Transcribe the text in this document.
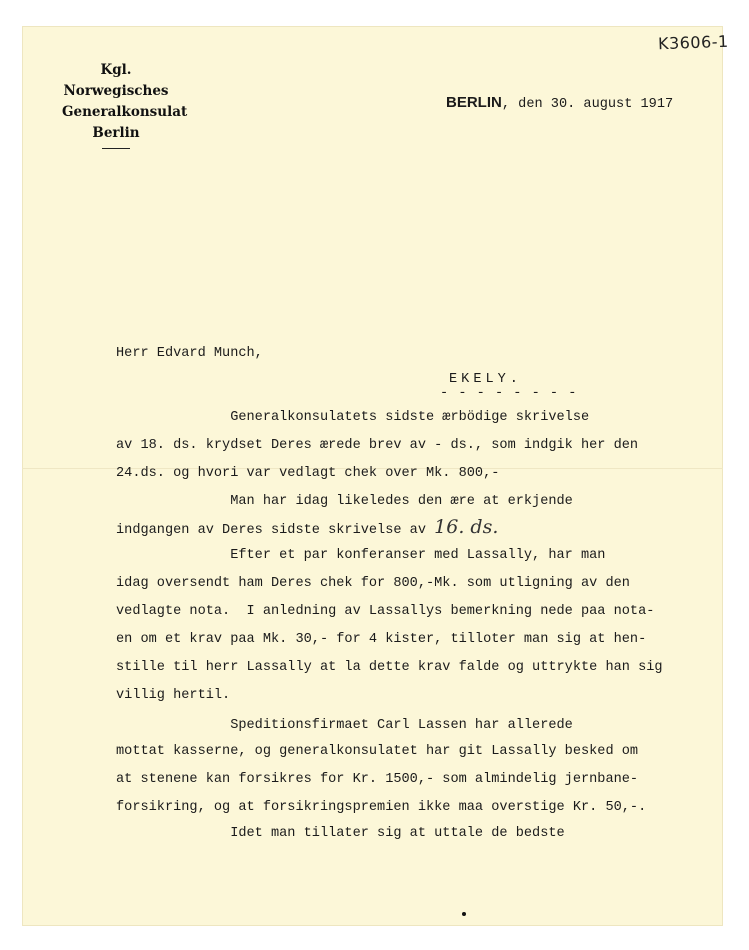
K3606-1
Kgl. Norwegisches
Generalkonsulat
Berlin
BERLIN, den 30. august 1917
Herr Edvard Munch,
EKELY.
- - - - - - - -
Generalkonsulatets sidste ærbödige skrivelse
av 18. ds. krydset Deres ærede brev av - ds., som indgik her den
24.ds. og hvori var vedlagt chek over Mk. 800,-
Man har idag likeledes den ære at erkjende
indgangen av Deres sidste skrivelse av 16. ds.
Efter et par konferanser med Lassally, har man
idag oversendt ham Deres chek for 800,-Mk. som utligning av den
vedlagte nota.  I anledning av Lassallys bemerkning nede paa nota-
en om et krav paa Mk. 30,- for 4 kister, tilloter man sig at hen-
stille til herr Lassally at la dette krav falde og uttrykte han sig
villig hertil.
Speditionsfirmaet Carl Lassen har allerede
mottat kasserne, og generalkonsulatet har git Lassally besked om
at stenene kan forsikres for Kr. 1500,- som almindelig jernbane-
forsikring, og at forsikringspremien ikke maa overstige Kr. 50,-.
Idet man tillater sig at uttale de bedste
